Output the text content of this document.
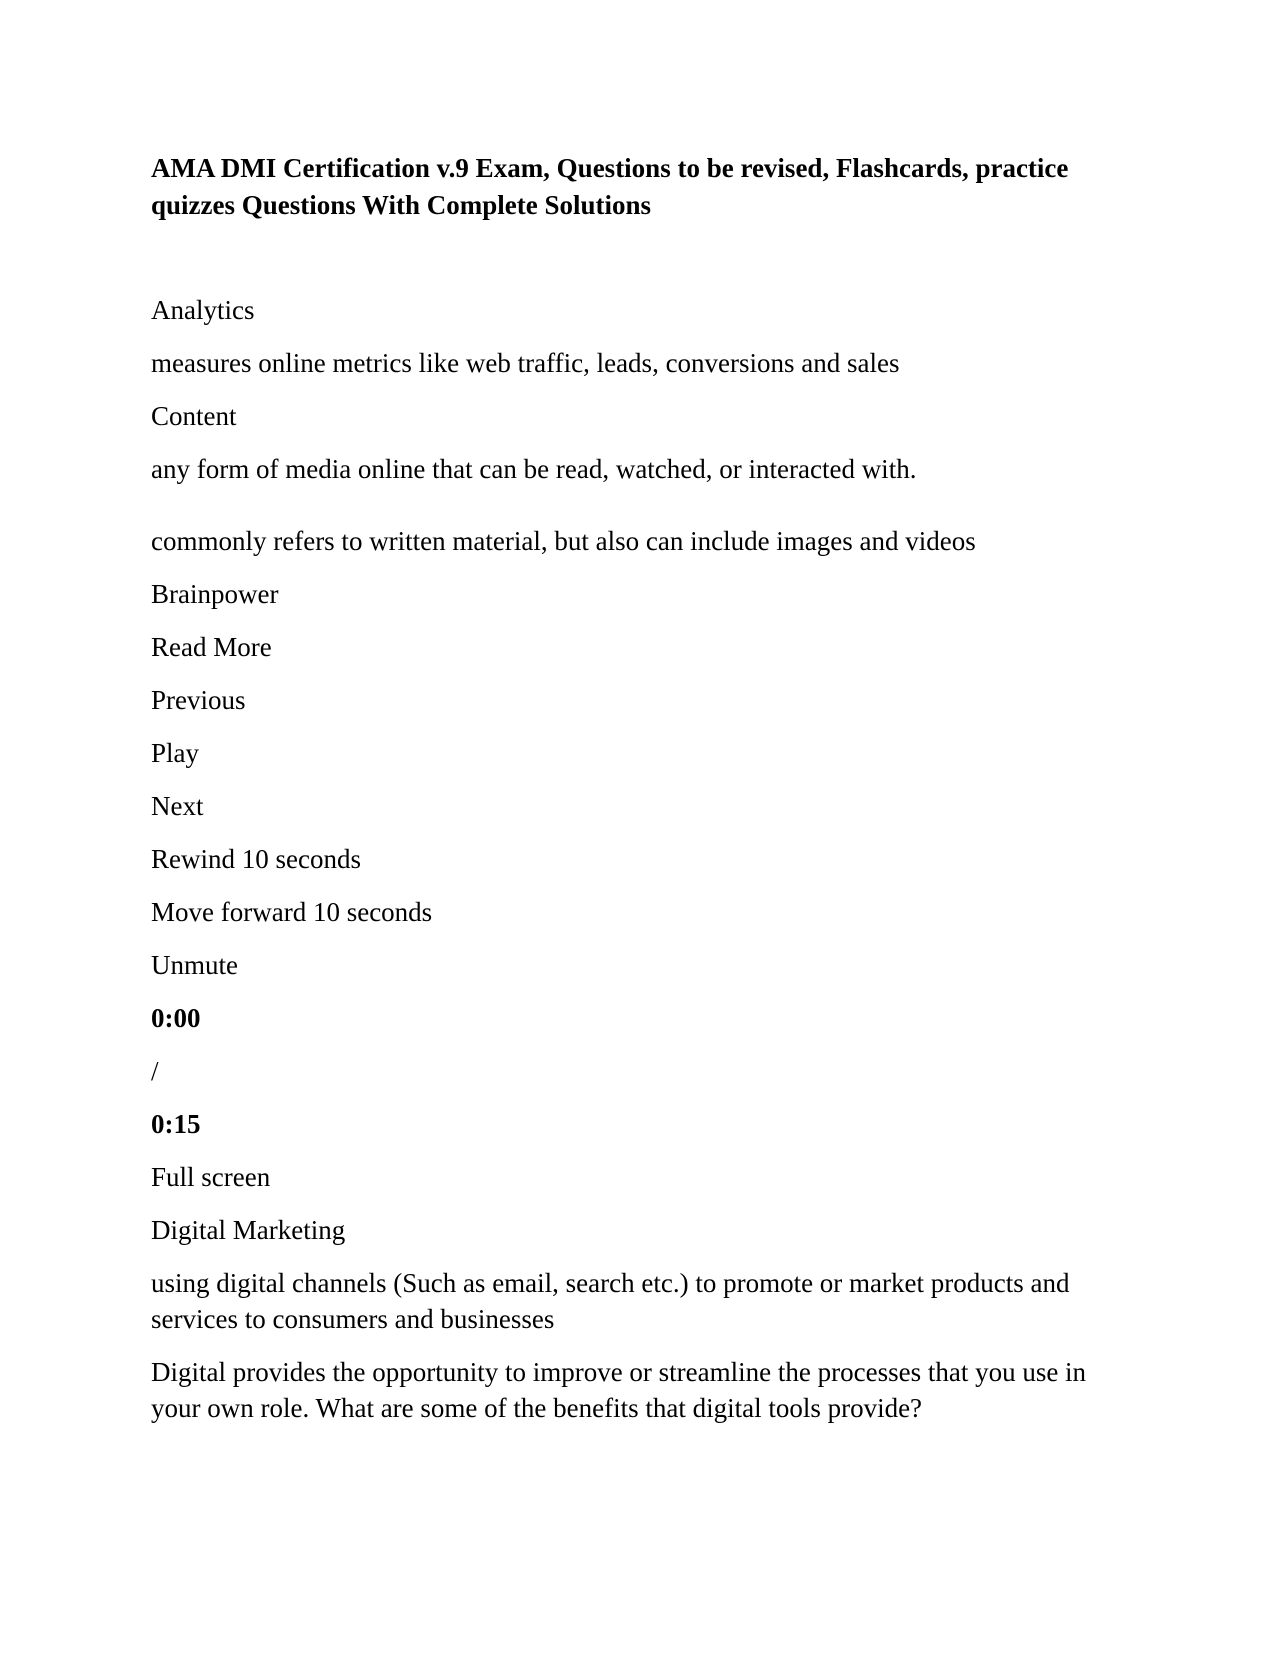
AMA DMI Certification v.9 Exam, Questions to be revised, Flashcards, practice quizzes Questions With Complete Solutions

Analytics

measures online metrics like web traffic, leads, conversions and sales

Content

any form of media online that can be read, watched, or interacted with.

commonly refers to written material, but also can include images and videos

Brainpower

Read More

Previous

Play

Next

Rewind 10 seconds

Move forward 10 seconds

Unmute

0:00

/

0:15

Full screen

Digital Marketing

using digital channels (Such as email, search etc.) to promote or market products and services to consumers and businesses

Digital provides the opportunity to improve or streamline the processes that you use in your own role. What are some of the benefits that digital tools provide?
